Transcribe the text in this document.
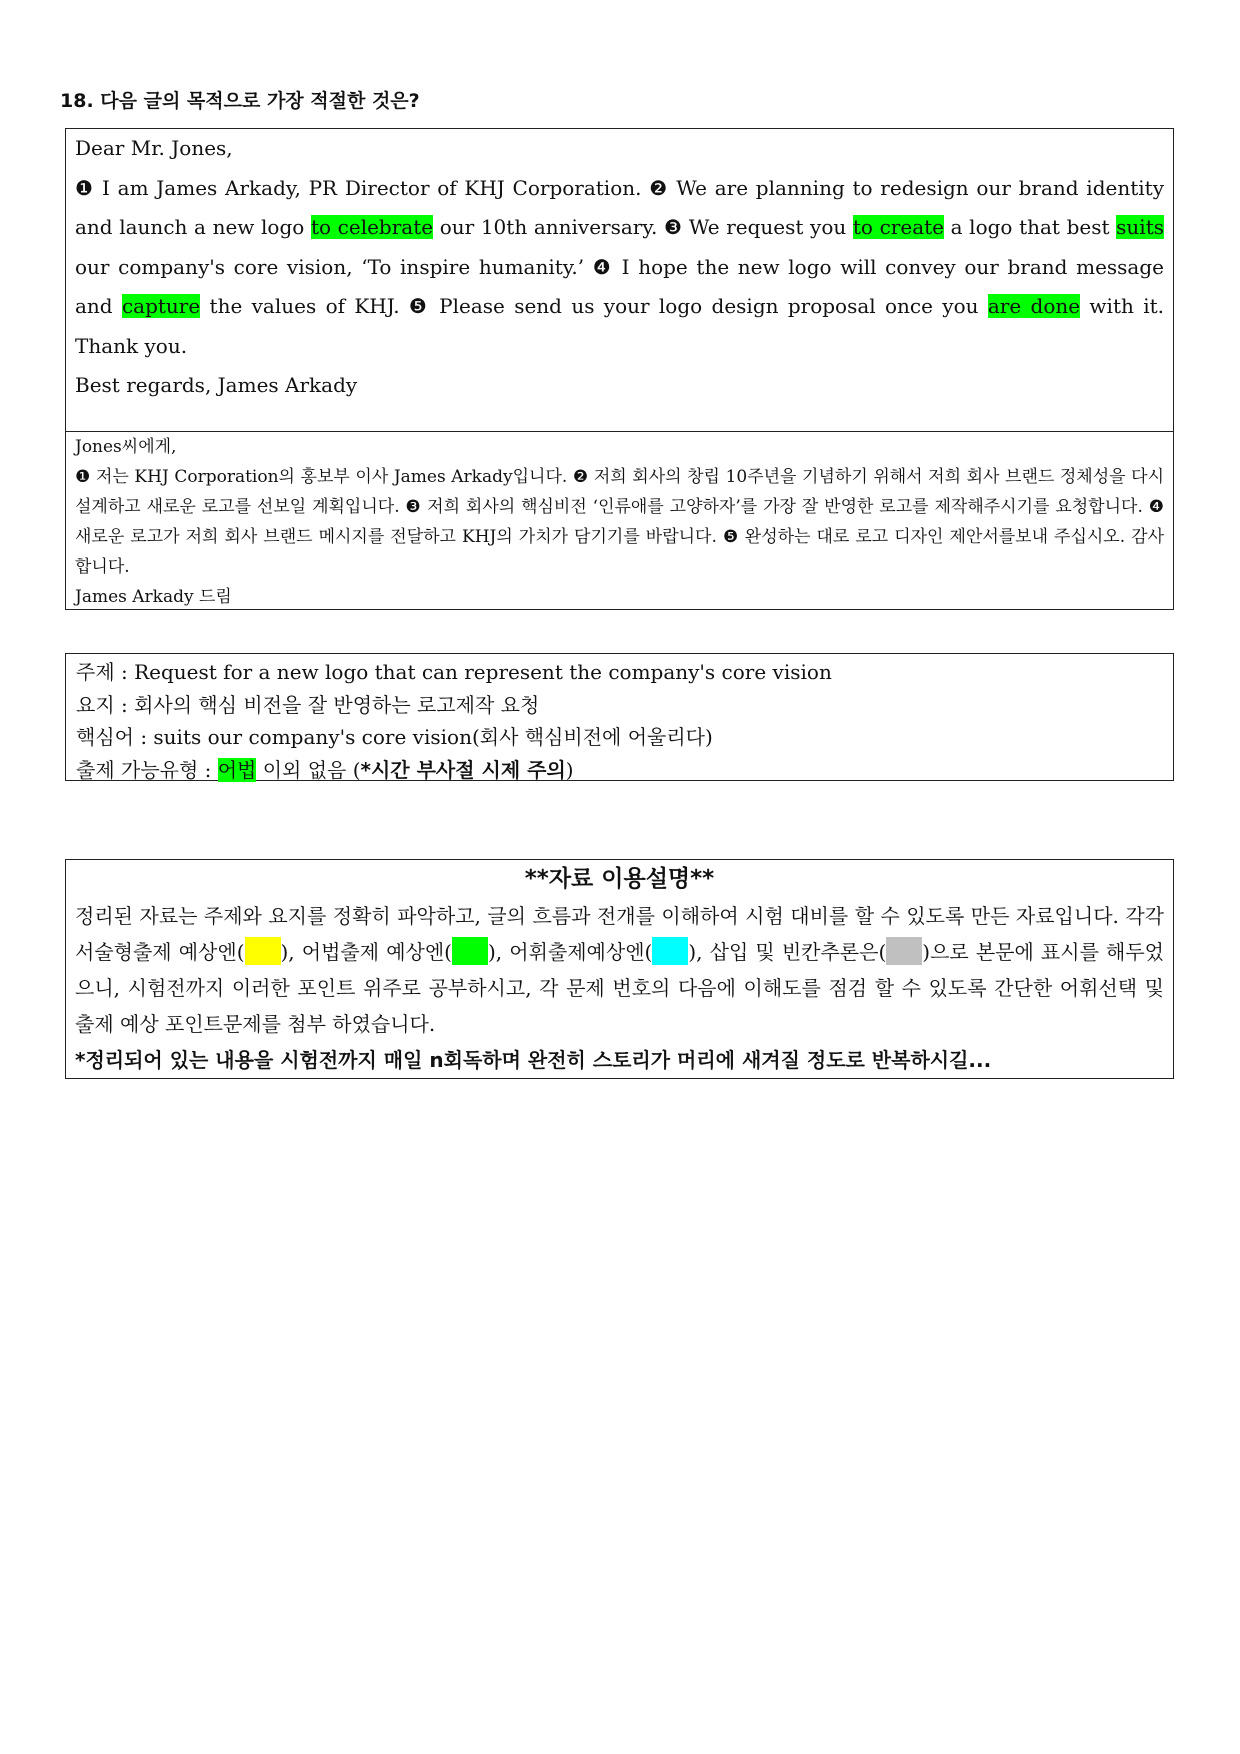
18. 다음 글의 목적으로 가장 적절한 것은?

Dear Mr. Jones,

❶ I am James Arkady, PR Director of KHJ Corporation. ❷ We are planning to redesign our brand identity and launch a new logo to celebrate our 10th anniversary. ❸ We request you to create a logo that best suits our company's core vision, ‘To inspire humanity.’ ❹ I hope the new logo will convey our brand message and capture the values of KHJ. ❺ Please send us your logo design proposal once you are done with it. Thank you.

Best regards, James Arkady

Jones씨에게,

❶ 저는 KHJ Corporation의 홍보부 이사 James Arkady입니다. ❷ 저희 회사의 창립 10주년을 기념하기 위해서 저희 회사 브랜드 정체성을 다시 설계하고 새로운 로고를 선보일 계획입니다. ❸ 저희 회사의 핵심비전 ‘인류애를 고양하자’를 가장 잘 반영한 로고를 제작해주시기를 요청합니다. ❹ 새로운 로고가 저희 회사 브랜드 메시지를 전달하고 KHJ의 가치가 담기기를 바랍니다. ❺ 완성하는 대로 로고 디자인 제안서를보내 주십시오. 감사합니다.

James Arkady 드림

주제 : Request for a new logo that can represent the company's core vision

요지 : 회사의 핵심 비전을 잘 반영하는 로고제작 요청

핵심어 : suits our company's core vision(회사 핵심비전에 어울리다)

출제 가능유형 : 어법 이외 없음 (*시간 부사절 시제 주의)

**자료 이용설명**

정리된 자료는 주제와 요지를 정확히 파악하고, 글의 흐름과 전개를 이해하여 시험 대비를 할 수 있도록 만든 자료입니다. 각각 서술형출제 예상엔( ), 어법출제 예상엔( ), 어휘출제예상엔( ), 삽입 및 빈칸추론은( )으로 본문에 표시를 해두었으니, 시험전까지 이러한 포인트 위주로 공부하시고, 각 문제 번호의 다음에 이해도를 점검 할 수 있도록 간단한 어휘선택 및 출제 예상 포인트문제를 첨부 하였습니다.

*정리되어 있는 내용을 시험전까지 매일 n회독하며 완전히 스토리가 머리에 새겨질 정도로 반복하시길...
